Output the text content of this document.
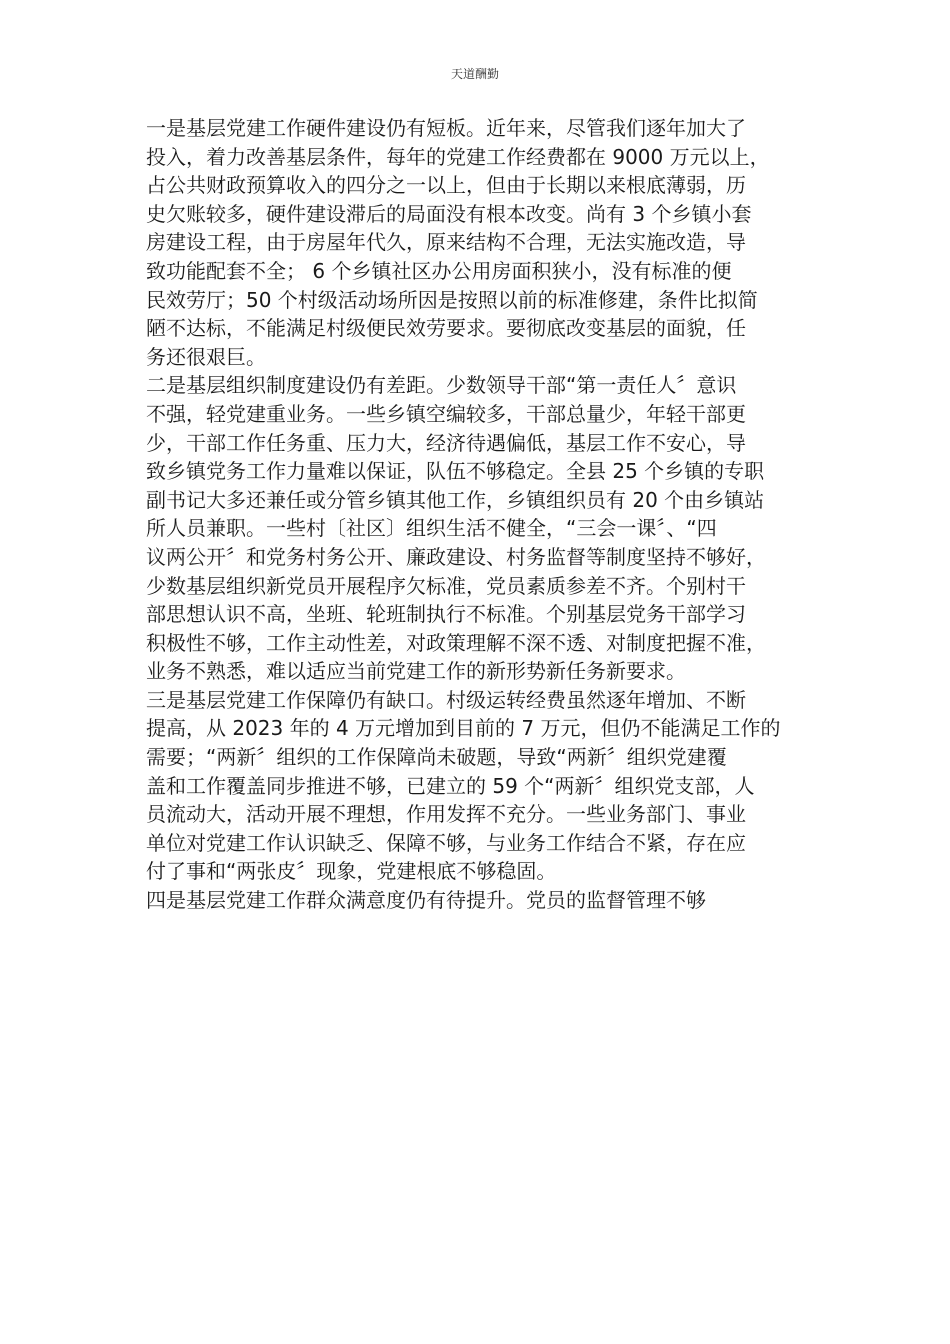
天道酬勤
一是基层党建工作硬件建设仍有短板。近年来，尽管我们逐年加大了
投入，着力改善基层条件，每年的党建工作经费都在 9000 万元以上，
占公共财政预算收入的四分之一以上，但由于长期以来根底薄弱，历
史欠账较多，硬件建设滞后的局面没有根本改变。尚有 3 个乡镇小套
房建设工程，由于房屋年代久，原来结构不合理，无法实施改造，导
致功能配套不全； 6 个乡镇社区办公用房面积狭小，没有标准的便
民效劳厅；50 个村级活动场所因是按照以前的标准修建，条件比拟简
陋不达标，不能满足村级便民效劳要求。要彻底改变基层的面貌，任
务还很艰巨。
二是基层组织制度建设仍有差距。少数领导干部“第一责任人〞意识
不强，轻党建重业务。一些乡镇空编较多，干部总量少，年轻干部更
少，干部工作任务重、压力大，经济待遇偏低，基层工作不安心，导
致乡镇党务工作力量难以保证，队伍不够稳定。全县 25 个乡镇的专职
副书记大多还兼任或分管乡镇其他工作，乡镇组织员有 20 个由乡镇站
所人员兼职。一些村〔社区〕组织生活不健全，“三会一课〞、“四
议两公开〞和党务村务公开、廉政建设、村务监督等制度坚持不够好，
少数基层组织新党员开展程序欠标准，党员素质参差不齐。个别村干
部思想认识不高，坐班、轮班制执行不标准。个别基层党务干部学习
积极性不够，工作主动性差，对政策理解不深不透、对制度把握不准，
业务不熟悉，难以适应当前党建工作的新形势新任务新要求。
三是基层党建工作保障仍有缺口。村级运转经费虽然逐年增加、不断
提高，从 2023 年的 4 万元增加到目前的 7 万元，但仍不能满足工作的
需要；“两新〞组织的工作保障尚未破题，导致“两新〞组织党建覆
盖和工作覆盖同步推进不够，已建立的 59 个“两新〞组织党支部，人
员流动大，活动开展不理想，作用发挥不充分。一些业务部门、事业
单位对党建工作认识缺乏、保障不够，与业务工作结合不紧，存在应
付了事和“两张皮〞现象，党建根底不够稳固。
四是基层党建工作群众满意度仍有待提升。党员的监督管理不够
